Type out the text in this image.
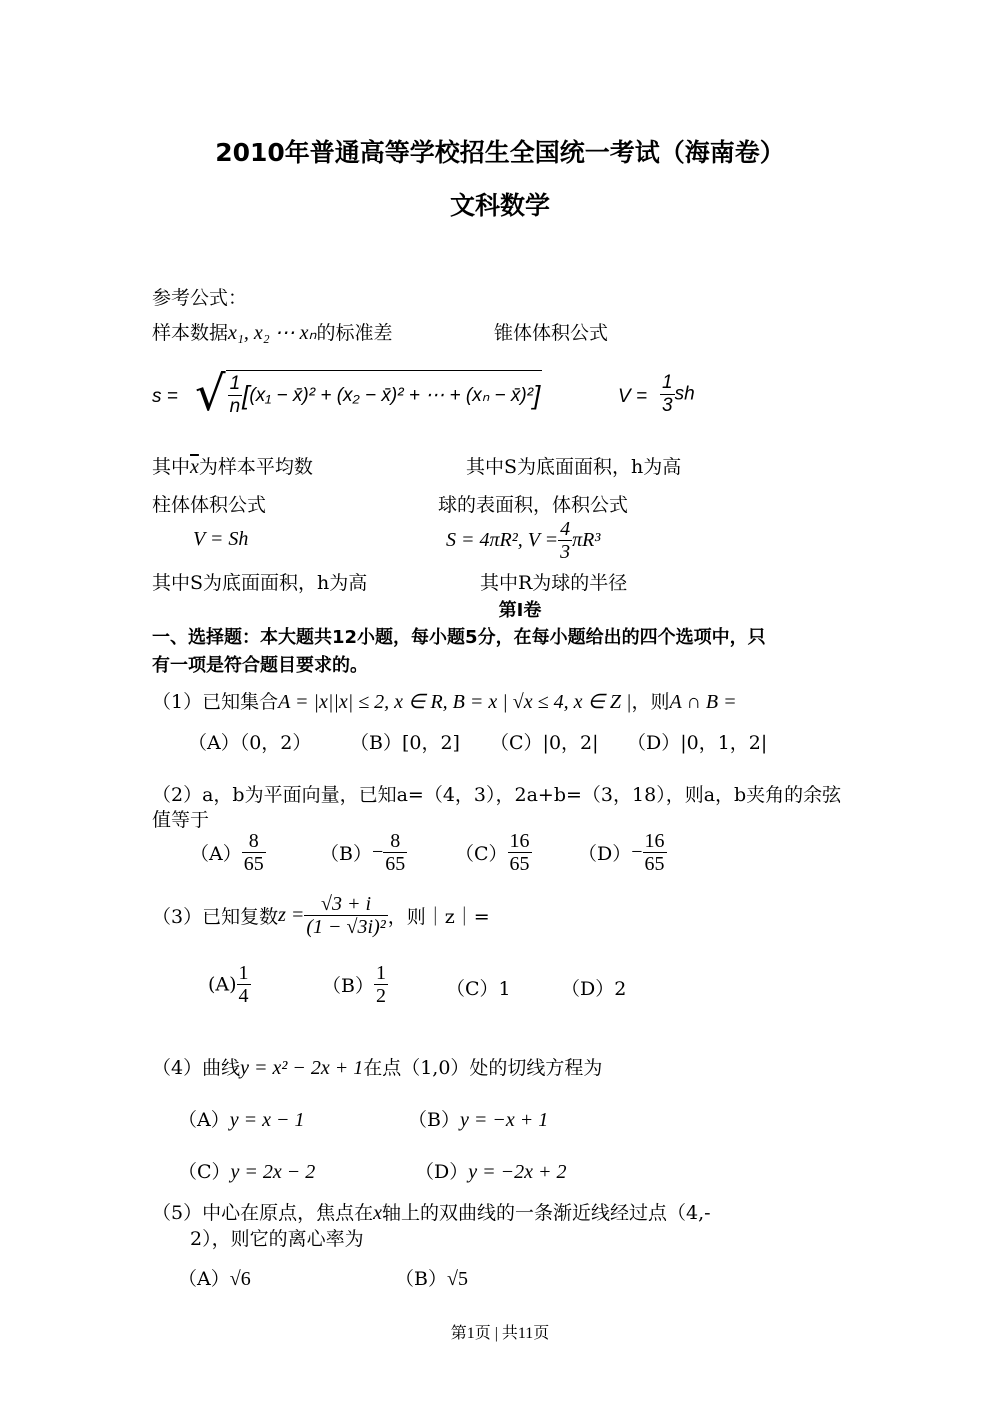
2010年普通高等学校招生全国统一考试（海南卷）
文科数学
参考公式：
样本数据x₁, x₂ ⋯ xₙ的标准差	锥体体积公式
s = √ $\frac{1}{n} [(x_1$ − x̄)² + (x₂ − x̄)² + ⋯ + (xₙ − x̄)²]	$V = \frac{1}{3}$ sh
其中$\overline{x}$为样本平均数	其中S为底面面积，h为高
柱体体积公式	球的表面积，体积公式
V = Sh	S = 4πR², $V = \frac{4}{3} \pi R^3$
其中S为底面面积，h为高	其中R为球的半径
第Ⅰ卷
一、选择题：本大题共12小题，每小题5分，在每小题给出的四个选项中，只
有一项是符合题目要求的。
（1）已知集合A = |x||x| ≤ 2, x ∈ R, B = x | √x ≤ 4, x ∈ Z |，则A ∩ B =
（A）（0，2） （B）[0，2] （C）|0，2| （D）|0，1，2|
（2）a，b为平面向量，已知a=（4，3），2a+b=（3，18），则a，b夹角的余弦
值等于
$(A) \frac{8}{65}$	$(B)- \frac{8}{65}$	$(C) \frac{16}{65} (D)- \frac{16}{65}$
（3）已知复数$z = \frac{√3 + i}{\text{(1 − √3i)²}}$ ，则｜z｜=
$(A) \frac{1}{4}$	$(B) \frac{1}{2}$	（C）1	（D）2
（4）曲线y = x² − 2x + 1在点（1,0）处的切线方程为
（A）y = x − 1	（B）y = −x + 1
（C）y = 2x − 2	（D）y = −2x + 2
（5）中心在原点，焦点在x轴上的双曲线的一条渐近线经过点（4,-
2），则它的离心率为
（A）√6	（B）√5
第1页 | 共11页
